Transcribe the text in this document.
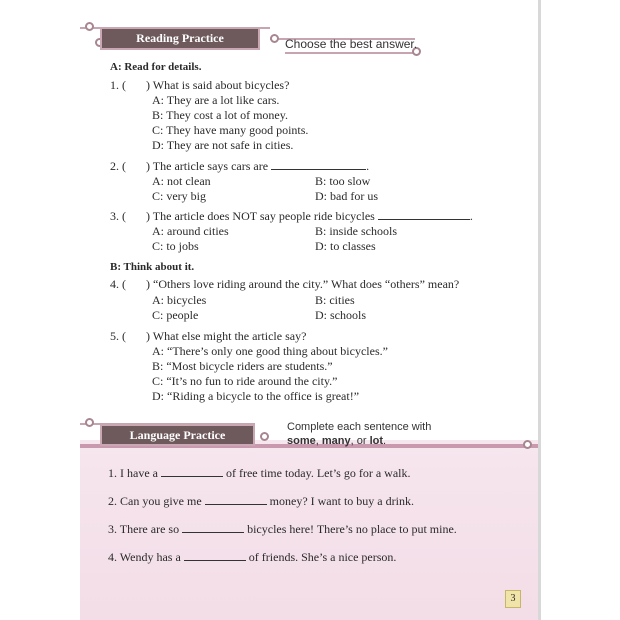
Reading Practice	Choose the best answer.
A: Read for details.
1. ( ) What is said about bicycles?
A: They are a lot like cars.
B: They cost a lot of money.
C: They have many good points.
D: They are not safe in cities.
2. ( ) The article says cars are	.
A: not clean	B: too slow
C: very big	D: bad for us
3. ( ) The article does NOT say people ride bicycles	.
A: around cities	B: inside schools
C: to jobs	D: to classes
B: Think about it.
4. ( ) “Others love riding around the city.” What does “others” mean?
A: bicycles	B: cities
C: people	D: schools
5. ( ) What else might the article say?
A: “There’s only one good thing about bicycles.”
B: “Most bicycle riders are students.”
C: “It’s no fun to ride around the city.”
D: “Riding a bicycle to the office is great!”
Language Practice
Complete each sentence with
some, many, or lot.
1. I have a	of free time today. Let’s go for a walk.
2. Can you give me	money? I want to buy a drink.
3. There are so	bicycles here! There’s no place to put mine.
4. Wendy has a	of friends. She’s a nice person.
3
